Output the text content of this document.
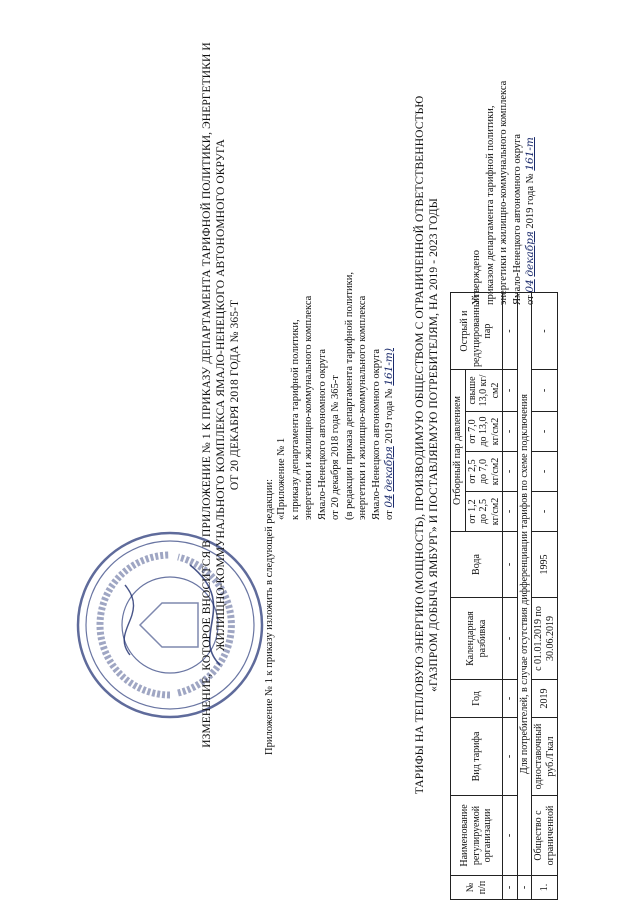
Утверждено приказом департамента тарифной политики, энергетики и жилищно-коммунального комплекса Ямало-Ненецкого автономного округа от 04 декабря 2019 года № 161-т
ИЗМЕНЕНИЕ, КОТОРОЕ ВНОСИТСЯ В ПРИЛОЖЕНИЕ № 1 К ПРИКАЗУ ДЕПАРТАМЕНТА ТАРИФНОЙ ПОЛИТИКИ, ЭНЕРГЕТИКИ И ЖИЛИЩНО-КОММУНАЛЬНОГО КОМПЛЕКСА ЯМАЛО-НЕНЕЦКОГО АВТОНОМНОГО ОКРУГА ОТ 20 ДЕКАБРЯ 2018 ГОДА № 365-Т
Приложение № 1 к приказу изложить в следующей редакции: «Приложение № 1 к приказу департамента тарифной политики, энергетики и жилищно-коммунального комплекса Ямало-Ненецкого автономного округа от 20 декабря 2018 года № 365-т (в редакции приказа департамента тарифной политики, энергетики и жилищно-коммунального комплекса Ямало-Ненецкого автономного округа от 04 декабря 2019 года № 161-т) ТАРИФЫ НА ТЕПЛОВУЮ ЭНЕРГИЮ (МОЩНОСТЬ), ПРОИЗВОДИМУЮ ОБЩЕСТВОМ С ОГРАНИЧЕННОЙ ОТВЕТСТВЕННОСТЬЮ «ГАЗПРОМ ДОБЫЧА ЯМБУРГ» И ПОСТАВЛЯЕМУЮ ПОТРЕБИТЕЛЯМ, НА 2019 - 2023 ГОДЫ
№ п/п	Наименование регулируемой организации	Вид тарифа	Год	Календарная разбивка	Вода	Отборный пар давлением				Острый и редуцированный пар	
						от 1,2 до 2,5 кг/см2	от 2,5 до 7,0 кг/см2	от 7,0 до 13,0 кг/см2	свыше 13,0 кг/см2		
-	-	-	-	-	-	-	-	-	-	-	
-	Для потребителей, в случае отсутствия дифференциации тарифов по схеме подключения										
1.	Общество с ограниченной	одноставочный руб./Гкал	2019	с 01.01.2019 по 30.06.2019	1995	-	-	-	-	-	
